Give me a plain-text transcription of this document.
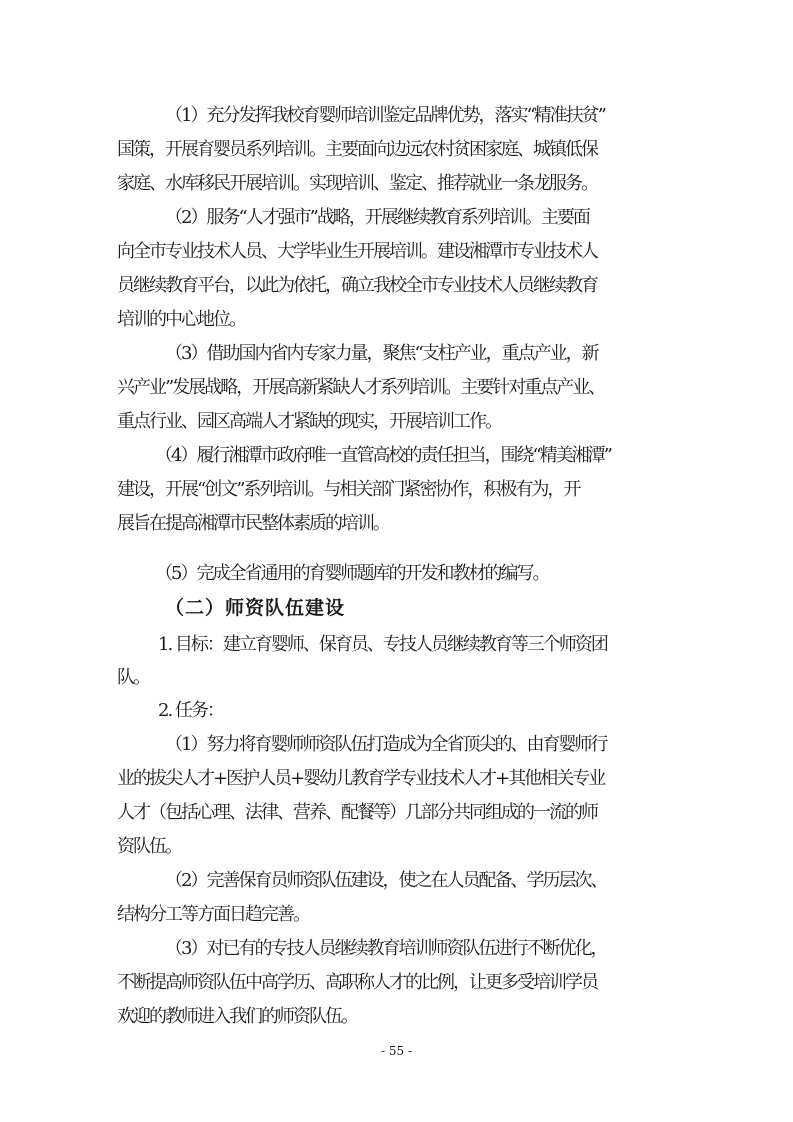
（1）充分发挥我校育婴师培训鉴定品牌优势，落实“精准扶贫”
国策，开展育婴员系列培训。主要面向边远农村贫困家庭、城镇低保
家庭、水库移民开展培训。实现培训、鉴定、推荐就业一条龙服务。
（2）服务“人才强市”战略，开展继续教育系列培训。主要面
向全市专业技术人员、大学毕业生开展培训。建设湘潭市专业技术人
员继续教育平台，以此为依托，确立我校全市专业技术人员继续教育
培训的中心地位。
（3）借助国内省内专家力量，聚焦“支柱产业，重点产业，新
兴产业”发展战略，开展高新紧缺人才系列培训。主要针对重点产业、
重点行业、园区高端人才紧缺的现实，开展培训工作。
（4）履行湘潭市政府唯一直管高校的责任担当，围绕“精美湘潭”
建设，开展“创文”系列培训。与相关部门紧密协作，积极有为，开
展旨在提高湘潭市民整体素质的培训。
（5）完成全省通用的育婴师题库的开发和教材的编写。
（二）师资队伍建设
1. 目标：建立育婴师、保育员、专技人员继续教育等三个师资团
队。
2. 任务：
（1）努力将育婴师师资队伍打造成为全省顶尖的、由育婴师行
业的拔尖人才+医护人员+婴幼儿教育学专业技术人才+其他相关专业
人才（包括心理、法律、营养、配餐等）几部分共同组成的一流的师
资队伍。
（2）完善保育员师资队伍建设，使之在人员配备、学历层次、
结构分工等方面日趋完善。
（3）对已有的专技人员继续教育培训师资队伍进行不断优化，
不断提高师资队伍中高学历、高职称人才的比例，让更多受培训学员
欢迎的教师进入我们的师资队伍。
- 55 -
